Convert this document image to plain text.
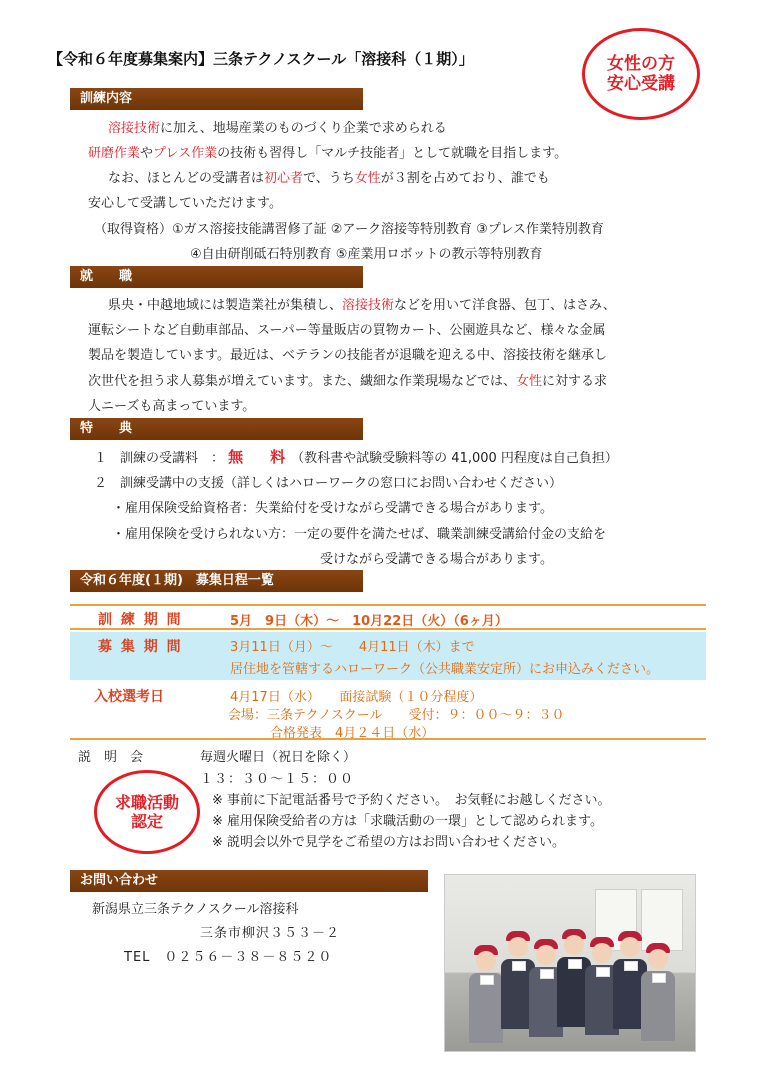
【令和６年度募集案内】三条テクノスクール「溶接科（１期）」	女性の方
安心受講
訓練内容
溶接技術に加え、地場産業のものづくり企業で求められる
研磨作業やプレス作業の技術も習得し「マルチ技能者」として就職を目指します。
なお、ほとんどの受講者は初心者で、うち女性が３割を占めており、誰でも
安心して受講していただけます。
（取得資格）①ガス溶接技能講習修了証 ②アーク溶接等特別教育 ③プレス作業特別教育
④自由研削砥石特別教育 ⑤産業用ロボットの教示等特別教育
就　　職
県央・中越地域には製造業社が集積し、溶接技術などを用いて洋食器、包丁、はさみ、
運転シートなど自動車部品、スーパー等量販店の買物カート、公園遊具など、様々な金属
製品を製造しています。最近は、ベテランの技能者が退職を迎える中、溶接技術を継承し
次世代を担う求人募集が増えています。また、繊細な作業現場などでは、女性に対する求
人ニーズも高まっています。
特　　典
１　訓練の受講料　： 無　料（教科書や試験受験料等の 41,000 円程度は自己負担）
２　訓練受講中の支援（詳しくはハローワークの窓口にお問い合わせください）
・雇用保険受給資格者：失業給付を受けながら受講できる場合があります。
・雇用保険を受けられない方：一定の要件を満たせば、職業訓練受講給付金の支給を
受けながら受講できる場合があります。
令和６年度(１期)　募集日程一覧
訓 練 期 間	5月　9日（木）～　10月22日（火）（6ヶ月）
募 集 期 間	3月11日（月）～　　4月11日（木）まで
居住地を管轄するハローワーク（公共職業安定所）にお申込みください。
入校選考日	4月17日（水）　　面接試験（１０分程度）
会場：三条テクノスクール　　受付：９：００～９：３０
合格発表　4月２４日（水）
説　明　会	毎週火曜日（祝日を除く）
１３：３０～１５：００
※ 事前に下記電話番号で予約ください。　お気軽にお越しください。
※ 雇用保険受給者の方は「求職活動の一環」として認められます。
※ 説明会以外で見学をご希望の方はお問い合わせください。
求職活動
認定
お問い合わせ
新潟県立三条テクノスクール溶接科
三条市柳沢３５３－２
TEL　０２５６－３８－８５２０
